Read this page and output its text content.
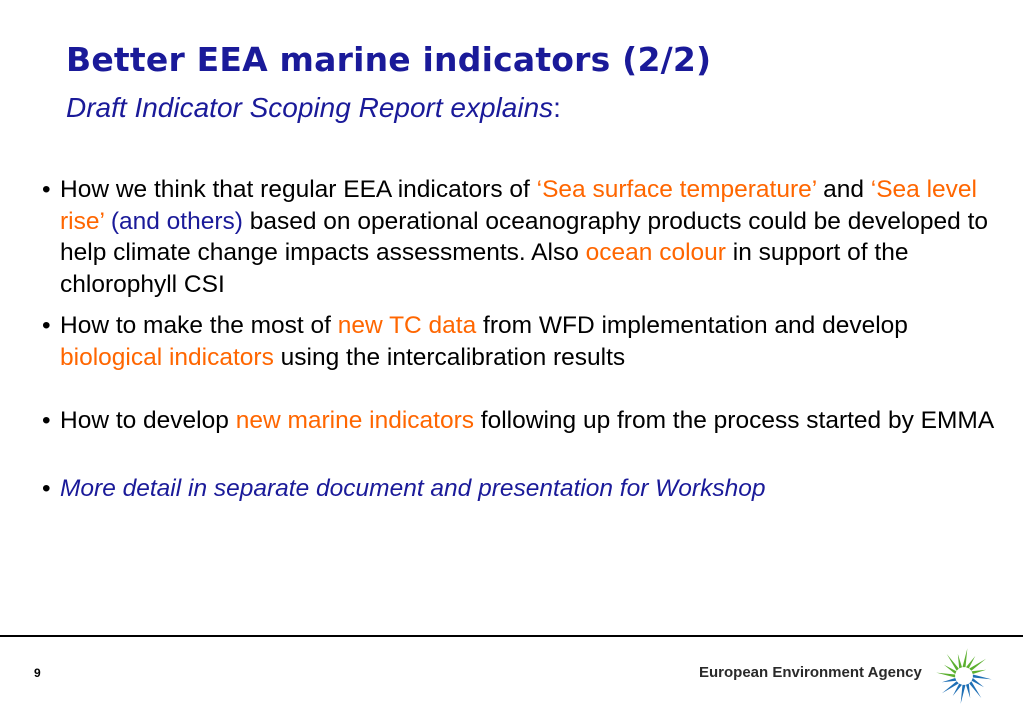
Better EEA marine indicators (2/2)
Draft Indicator Scoping Report explains:
• How we think that regular EEA indicators of ‘Sea surface temperature’ and ‘Sea level rise’ (and others) based on operational oceanography products could be developed to help climate change impacts assessments. Also ocean colour in support of the chlorophyll CSI
• How to make the most of new TC data from WFD implementation and develop biological indicators using the intercalibration results
• How to develop new marine indicators following up from the process started by EMMA
• More detail in separate document and presentation for Workshop
9	European Environment Agency
